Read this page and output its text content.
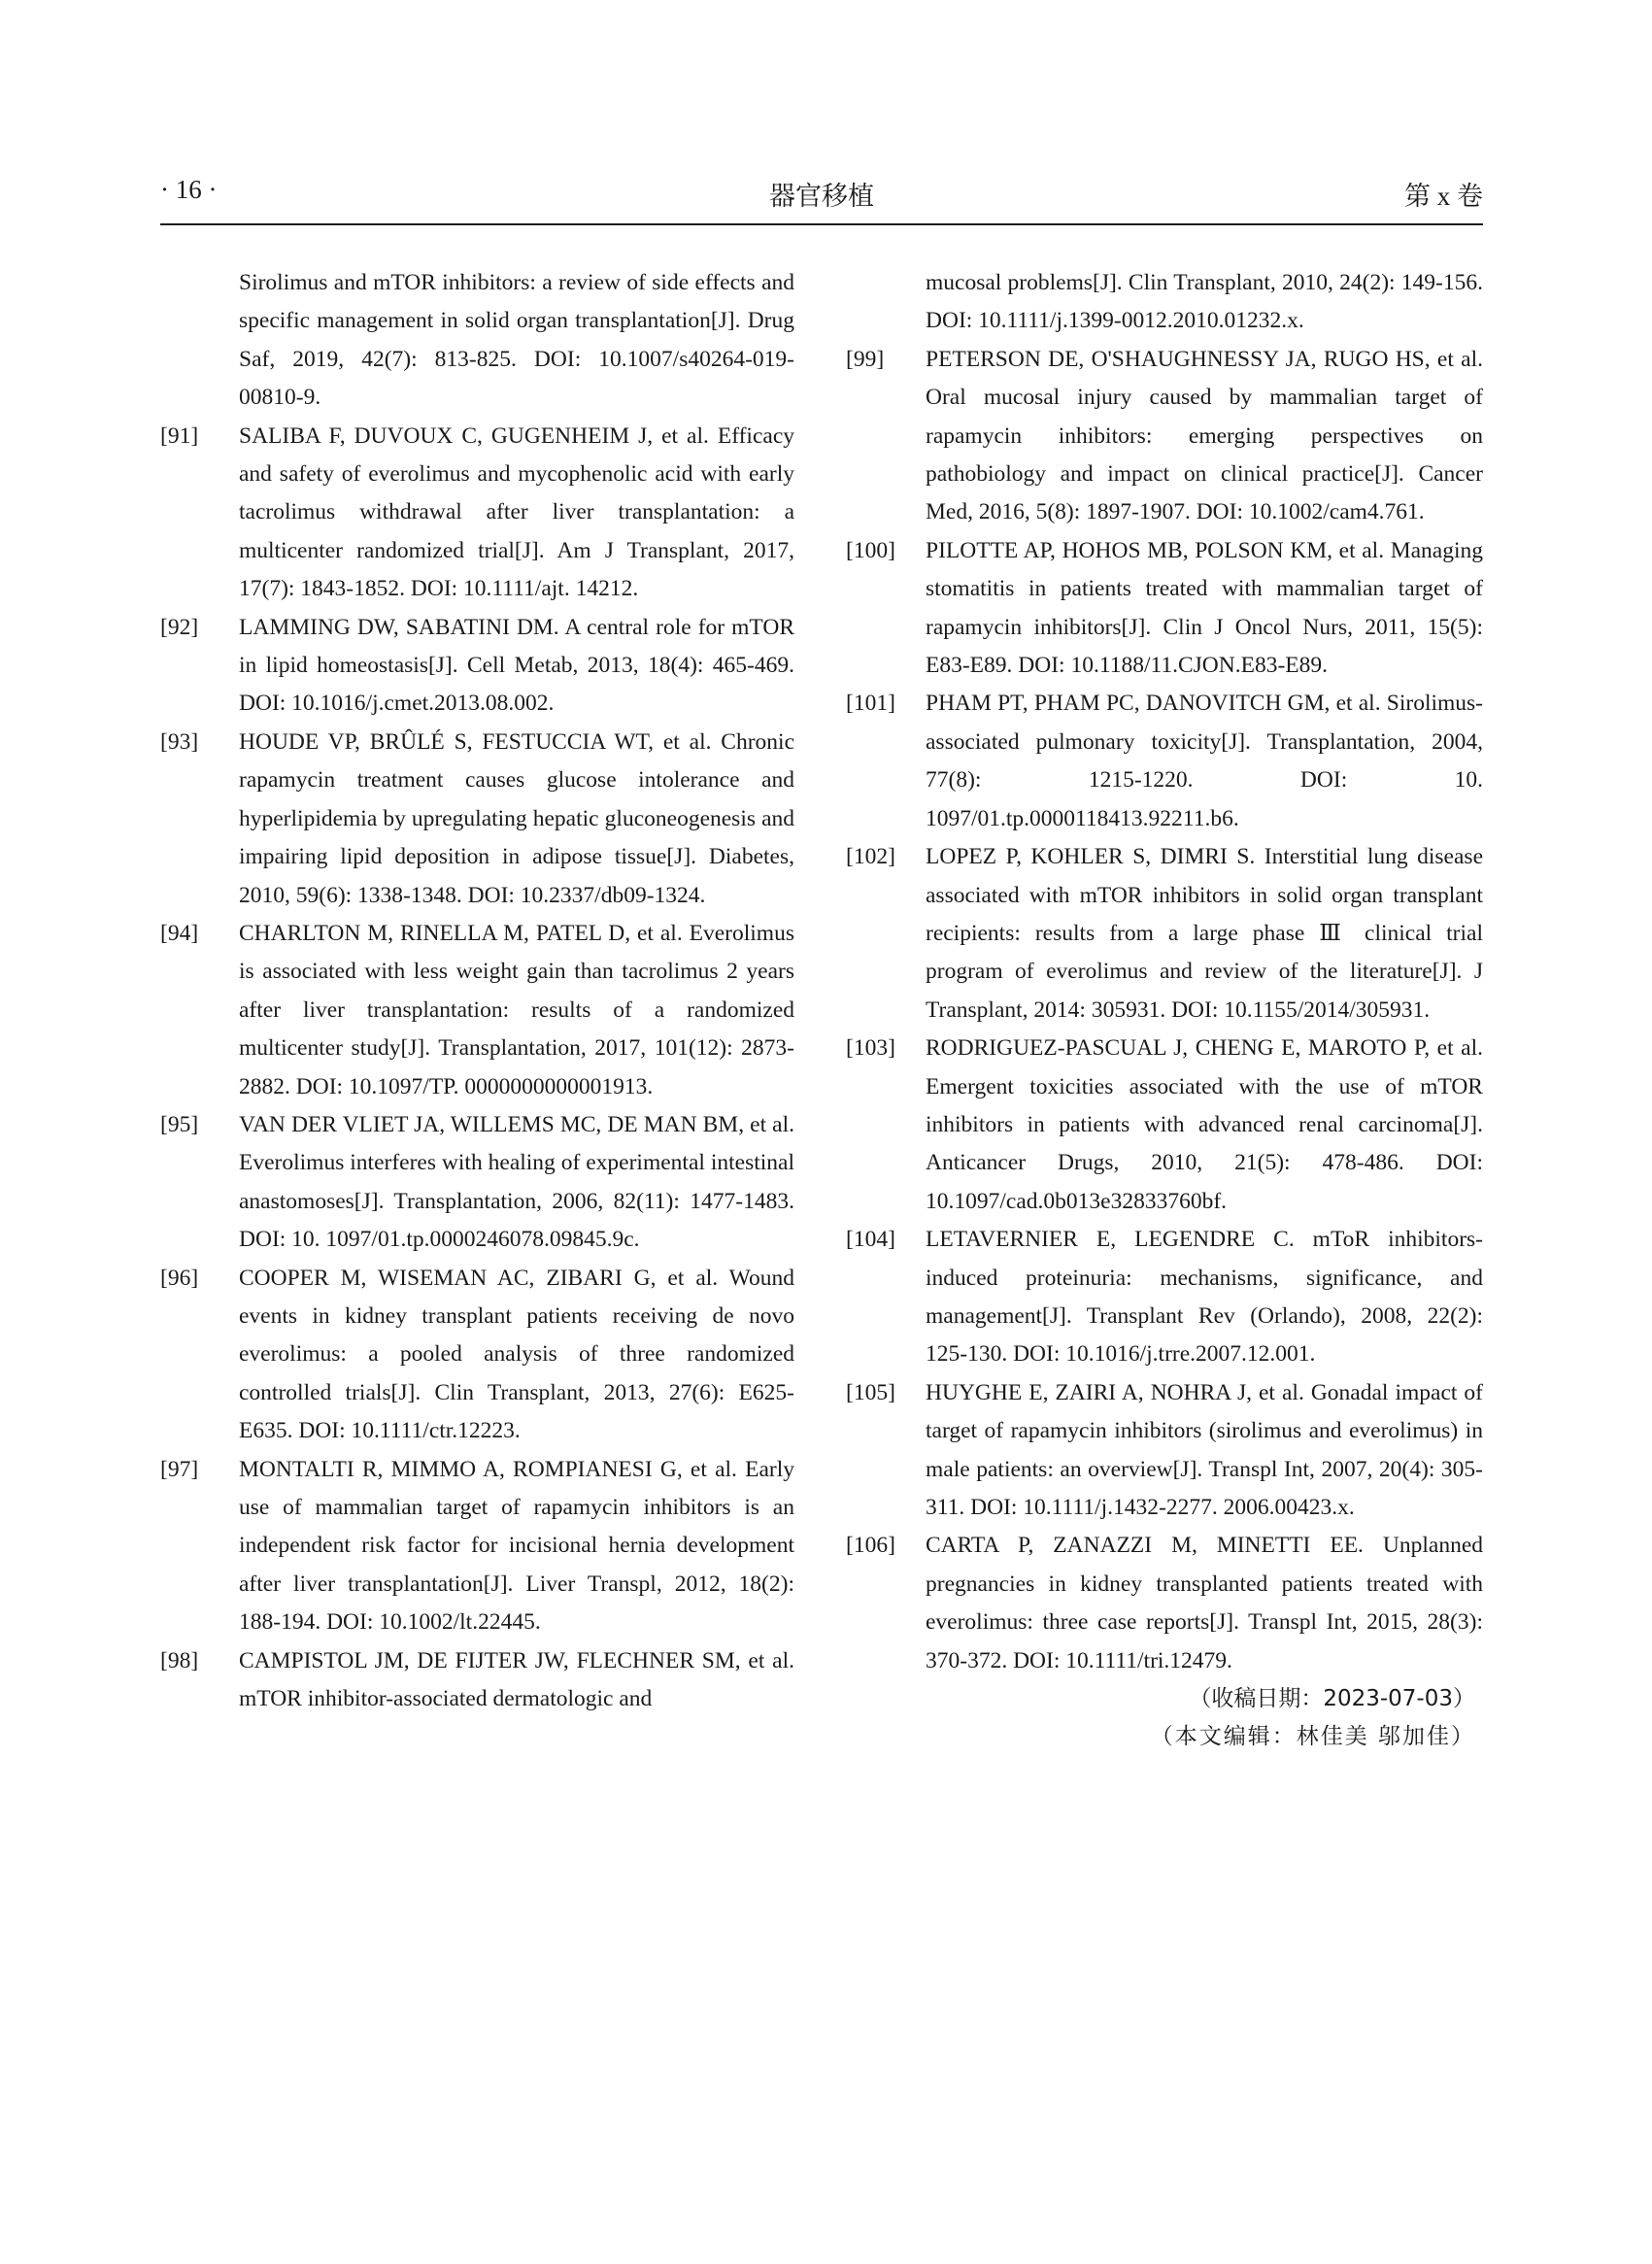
· 16 ·	器官移植	第 x 卷
Sirolimus and mTOR inhibitors: a review of side effects and specific management in solid organ transplantation[J]. Drug Saf, 2019, 42(7): 813-825. DOI: 10.1007/s40264-019-00810-9.
[91] SALIBA F, DUVOUX C, GUGENHEIM J, et al. Efficacy and safety of everolimus and mycophenolic acid with early tacrolimus withdrawal after liver transplantation: a multicenter randomized trial[J]. Am J Transplant, 2017, 17(7): 1843-1852. DOI: 10.1111/ajt. 14212.
[92] LAMMING DW, SABATINI DM. A central role for mTOR in lipid homeostasis[J]. Cell Metab, 2013, 18(4): 465-469. DOI: 10.1016/j.cmet.2013.08.002.
[93] HOUDE VP, BRÛLÉ S, FESTUCCIA WT, et al. Chronic rapamycin treatment causes glucose intolerance and hyperlipidemia by upregulating hepatic gluconeogenesis and impairing lipid deposition in adipose tissue[J]. Diabetes, 2010, 59(6): 1338-1348. DOI: 10.2337/db09-1324.
[94] CHARLTON M, RINELLA M, PATEL D, et al. Everolimus is associated with less weight gain than tacrolimus 2 years after liver transplantation: results of a randomized multicenter study[J]. Transplantation, 2017, 101(12): 2873-2882. DOI: 10.1097/TP. 0000000000001913.
[95] VAN DER VLIET JA, WILLEMS MC, DE MAN BM, et al. Everolimus interferes with healing of experimental intestinal anastomoses[J]. Transplantation, 2006, 82(11): 1477-1483. DOI: 10. 1097/01.tp.0000246078.09845.9c.
[96] COOPER M, WISEMAN AC, ZIBARI G, et al. Wound events in kidney transplant patients receiving de novo everolimus: a pooled analysis of three randomized controlled trials[J]. Clin Transplant, 2013, 27(6): E625-E635. DOI: 10.1111/ctr.12223.
[97] MONTALTI R, MIMMO A, ROMPIANESI G, et al. Early use of mammalian target of rapamycin inhibitors is an independent risk factor for incisional hernia development after liver transplantation[J]. Liver Transpl, 2012, 18(2): 188-194. DOI: 10.1002/lt.22445.
[98] CAMPISTOL JM, DE FIJTER JW, FLECHNER SM, et al. mTOR inhibitor-associated dermatologic and
mucosal problems[J]. Clin Transplant, 2010, 24(2): 149-156. DOI: 10.1111/j.1399-0012.2010.01232.x.
[99] PETERSON DE, O'SHAUGHNESSY JA, RUGO HS, et al. Oral mucosal injury caused by mammalian target of rapamycin inhibitors: emerging perspectives on pathobiology and impact on clinical practice[J]. Cancer Med, 2016, 5(8): 1897-1907. DOI: 10.1002/cam4.761.
[100] PILOTTE AP, HOHOS MB, POLSON KM, et al. Managing stomatitis in patients treated with mammalian target of rapamycin inhibitors[J]. Clin J Oncol Nurs, 2011, 15(5): E83-E89. DOI: 10.1188/11.CJON.E83-E89.
[101] PHAM PT, PHAM PC, DANOVITCH GM, et al. Sirolimus-associated pulmonary toxicity[J]. Transplantation, 2004, 77(8): 1215-1220. DOI: 10. 1097/01.tp.0000118413.92211.b6.
[102] LOPEZ P, KOHLER S, DIMRI S. Interstitial lung disease associated with mTOR inhibitors in solid organ transplant recipients: results from a large phase Ⅲ clinical trial program of everolimus and review of the literature[J]. J Transplant, 2014: 305931. DOI: 10.1155/2014/305931.
[103] RODRIGUEZ-PASCUAL J, CHENG E, MAROTO P, et al. Emergent toxicities associated with the use of mTOR inhibitors in patients with advanced renal carcinoma[J]. Anticancer Drugs, 2010, 21(5): 478-486. DOI: 10.1097/cad.0b013e32833760bf.
[104] LETAVERNIER E, LEGENDRE C. mToR inhibitors-induced proteinuria: mechanisms, significance, and management[J]. Transplant Rev (Orlando), 2008, 22(2): 125-130. DOI: 10.1016/j.trre.2007.12.001.
[105] HUYGHE E, ZAIRI A, NOHRA J, et al. Gonadal impact of target of rapamycin inhibitors (sirolimus and everolimus) in male patients: an overview[J]. Transpl Int, 2007, 20(4): 305-311. DOI: 10.1111/j.1432-2277. 2006.00423.x.
[106] CARTA P, ZANAZZI M, MINETTI EE. Unplanned pregnancies in kidney transplanted patients treated with everolimus: three case reports[J]. Transpl Int, 2015, 28(3): 370-372. DOI: 10.1111/tri.12479.
（收稿日期：2023-07-03）
（本文编辑：林佳美 邬加佳）
